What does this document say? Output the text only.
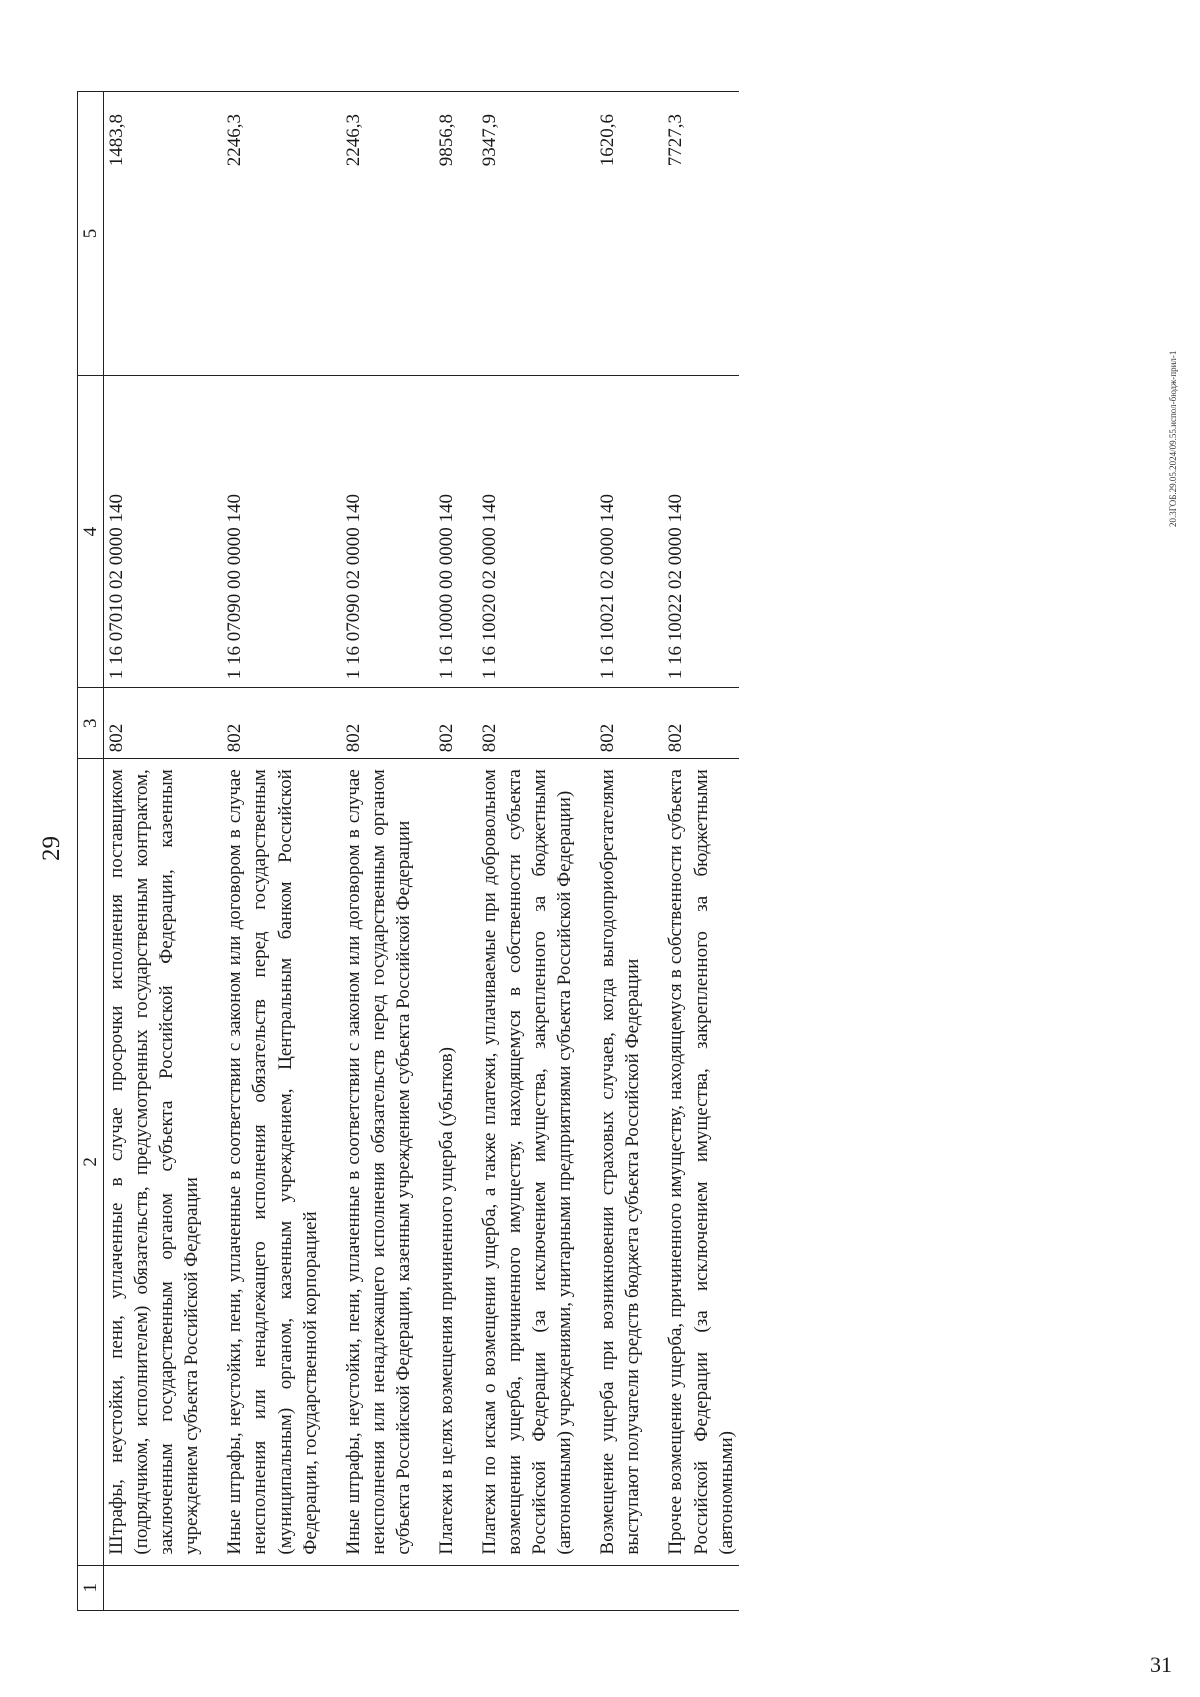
29
1	2	3	4	5
	Штрафы, неустойки, пени, уплаченные в случае просрочки исполнения поставщиком (подрядчиком, исполнителем) обязательств, предусмотренных государственным контрактом, заключенным государственным органом субъекта Российской Федерации, казенным учреждением субъекта Российской Федерации	802	1 16 07010 02 0000 140	1483,8
	Иные штрафы, неустойки, пени, уплаченные в соответствии с законом или договором в случае неисполнения или ненадлежащего исполнения обязательств перед государственным (муниципальным) органом, казенным учреждением, Центральным банком Российской Федерации, государственной корпорацией	802	1 16 07090 00 0000 140	2246,3
	Иные штрафы, неустойки, пени, уплаченные в соответствии с законом или договором в случае неисполнения или ненадлежащего исполнения обязательств перед государственным органом субъекта Российской Федерации, казенным учреждением субъекта Российской Федерации	802	1 16 07090 02 0000 140	2246,3
	Платежи в целях возмещения причиненного ущерба (убытков)	802	1 16 10000 00 0000 140	9856,8
	Платежи по искам о возмещении ущерба, а также платежи, уплачиваемые при добровольном возмещении ущерба, причиненного имуществу, находящемуся в собственности субъекта Российской Федерации (за исключением имущества, закрепленного за бюджетными (автономными) учреждениями, унитарными предприятиями субъекта Российской Федерации)	802	1 16 10020 02 0000 140	9347,9
	Возмещение ущерба при возникновении страховых случаев, когда выгодоприобретателями выступают получатели средств бюджета субъекта Российской Федерации	802	1 16 10021 02 0000 140	1620,6
	Прочее возмещение ущерба, причиненного имуществу, находящемуся в собственности субъекта Российской Федерации (за исключением имущества, закрепленного за бюджетными (автономными)	802	1 16 10022 02 0000 140	7727,3
20.3ГОБ.29.05.2024/09.55.испол-бюдж-прил-1
31
